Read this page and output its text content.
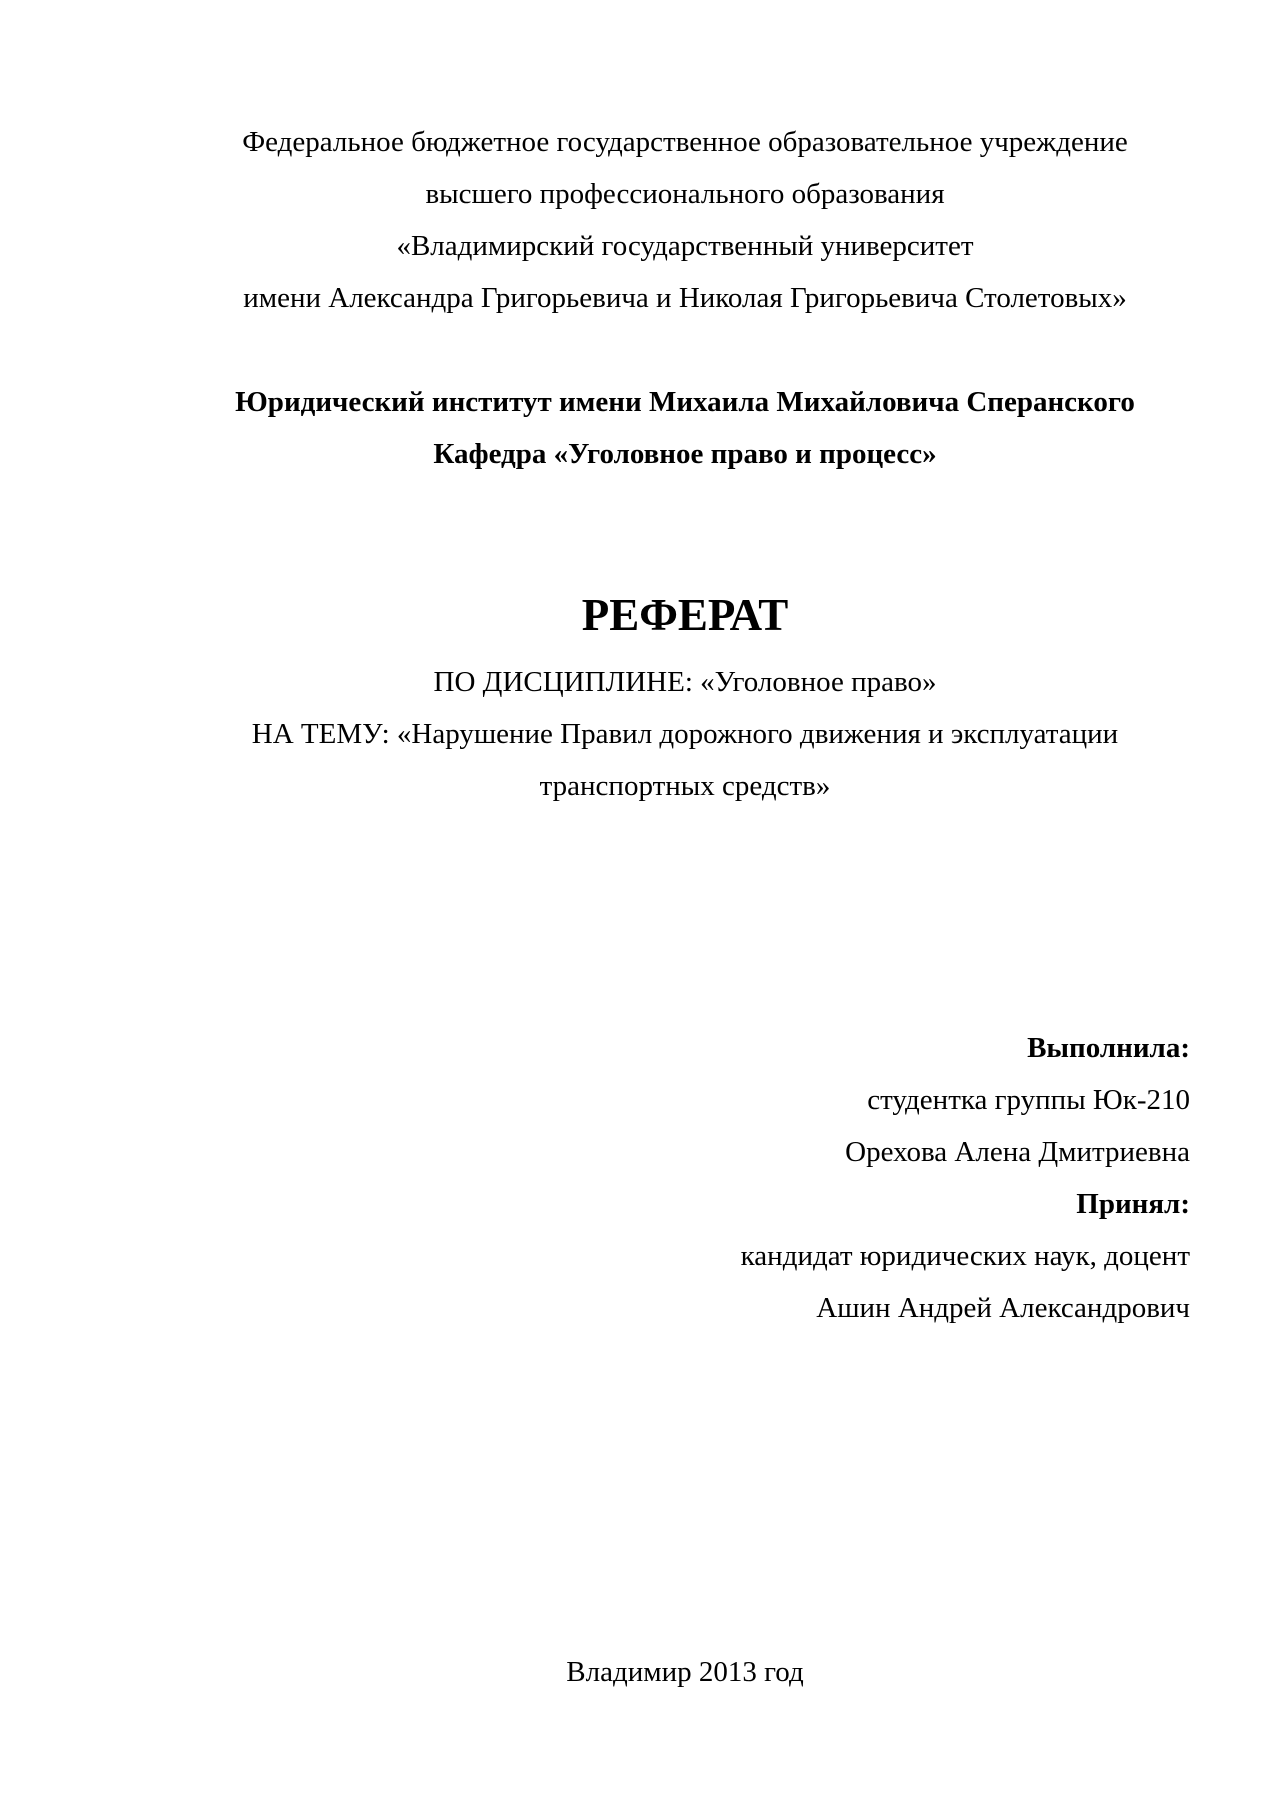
Федеральное бюджетное государственное образовательное учреждение
высшего профессионального образования
«Владимирский государственный университет
имени Александра Григорьевича и Николая Григорьевича Столетовых»
Юридический институт имени Михаила Михайловича Сперанского
Кафедра «Уголовное право и процесс»
РЕФЕРАТ
ПО ДИСЦИПЛИНЕ: «Уголовное право»
НА ТЕМУ: «Нарушение Правил дорожного движения и эксплуатации
транспортных средств»
Выполнила:
студентка группы Юк-210
Орехова Алена Дмитриевна
Принял:
кандидат юридических наук, доцент
Ашин Андрей Александрович
Владимир 2013 год
